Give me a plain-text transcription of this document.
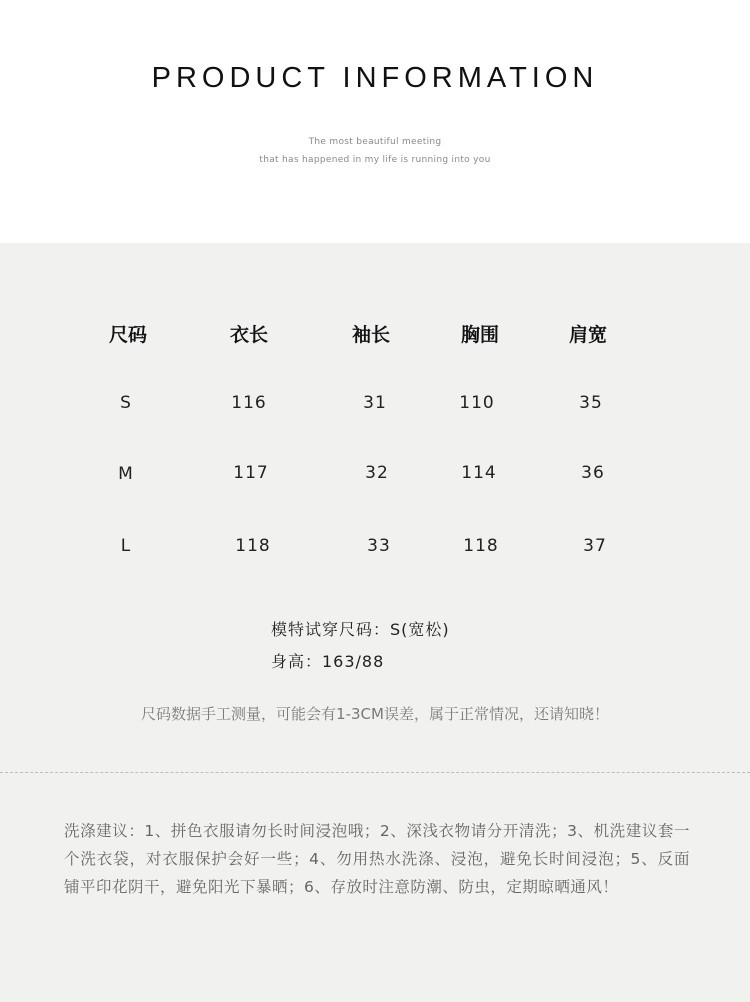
PRODUCT INFORMATION
The most beautiful meeting
that has happened in my life is running into you
尺码	衣长	袖长	胸围	肩宽
S	116	31	110	35
M	117	32	114	36
L	118	33	118	37
模特试穿尺码：S(宽松)
身高：163/88
尺码数据手工测量，可能会有1-3CM误差，属于正常情况，还请知晓！
洗涤建议：1、拼色衣服请勿长时间浸泡哦；2、深浅衣物请分开清洗；3、机洗建议套一个洗衣袋，对衣服保护会好一些；4、勿用热水洗涤、浸泡，避免长时间浸泡；5、反面铺平印花阴干，避免阳光下暴晒；6、存放时注意防潮、防虫，定期晾晒通风！
